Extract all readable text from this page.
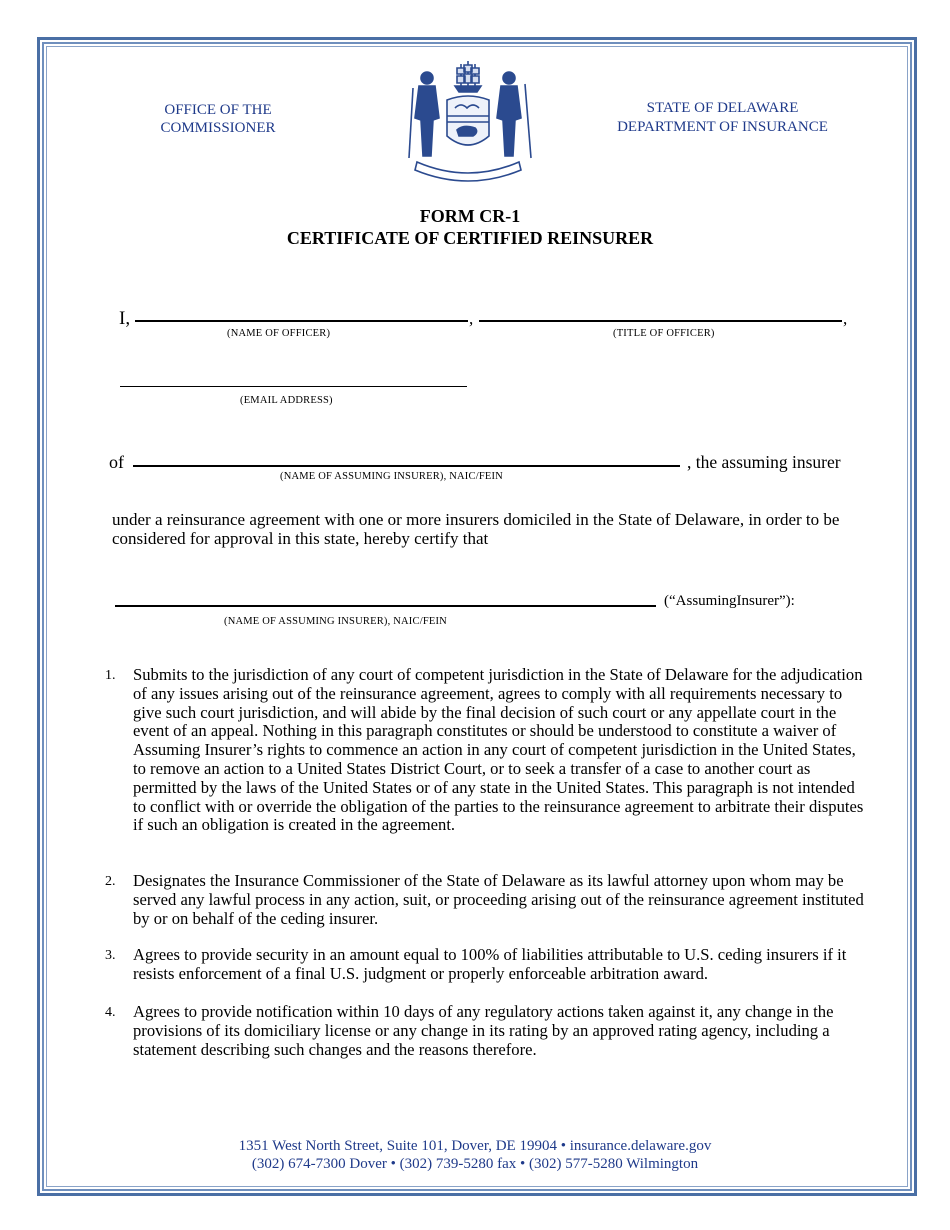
OFFICE OF THE
COMMISSIONER
STATE OF DELAWARE
DEPARTMENT OF INSURANCE
FORM CR-1
CERTIFICATE OF CERTIFIED REINSURER
I,	,	,
(NAME OF OFFICER)	(TITLE OF OFFICER)
(EMAIL ADDRESS)
of	, the assuming insurer
(NAME OF ASSUMING INSURER), NAIC/FEIN
under a reinsurance agreement with one or more insurers domiciled in the State of Delaware, in order to be considered for approval in this state, hereby certify that
(“AssumingInsurer”):
(NAME OF ASSUMING INSURER), NAIC/FEIN
1. Submits to the jurisdiction of any court of competent jurisdiction in the State of Delaware for the adjudication of any issues arising out of the reinsurance agreement, agrees to comply with all requirements necessary to give such court jurisdiction, and will abide by the final decision of such court or any appellate court in the event of an appeal. Nothing in this paragraph constitutes or should be understood to constitute a waiver of Assuming Insurer’s rights to commence an action in any court of competent jurisdiction in the United States, to remove an action to a United States District Court, or to seek a transfer of a case to another court as permitted by the laws of the United States or of any state in the United States. This paragraph is not intended to conflict with or override the obligation of the parties to the reinsurance agreement to arbitrate their disputes if such an obligation is created in the agreement.
2. Designates the Insurance Commissioner of the State of Delaware as its lawful attorney upon whom may be served any lawful process in any action, suit, or proceeding arising out of the reinsurance agreement instituted by or on behalf of the ceding insurer.
3. Agrees to provide security in an amount equal to 100% of liabilities attributable to U.S. ceding insurers if it resists enforcement of a final U.S. judgment or properly enforceable arbitration award.
4. Agrees to provide notification within 10 days of any regulatory actions taken against it, any change in the provisions of its domiciliary license or any change in its rating by an approved rating agency, including a statement describing such changes and the reasons therefore.
1351 West North Street, Suite 101, Dover, DE 19904 • insurance.delaware.gov
(302) 674-7300 Dover • (302) 739-5280 fax • (302) 577-5280 Wilmington
